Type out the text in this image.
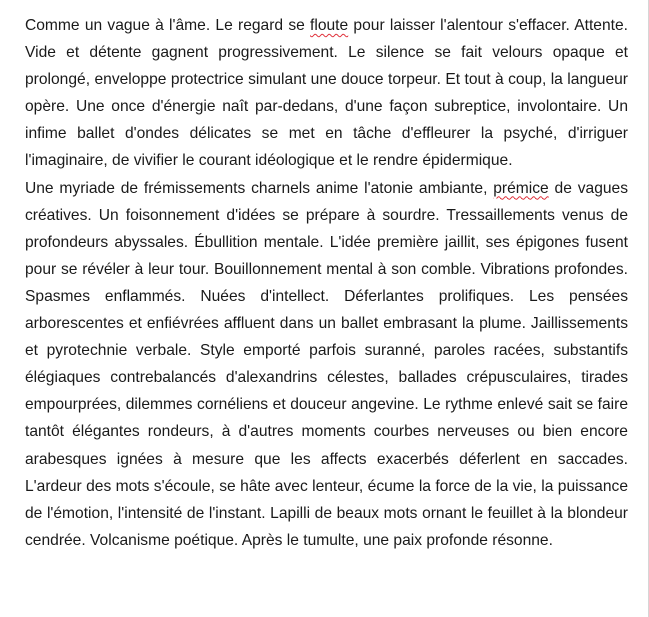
Comme un vague à l'âme. Le regard se floute pour laisser l'alentour s'effacer. Attente. Vide et détente gagnent progressivement. Le silence se fait velours opaque et prolongé, enveloppe protectrice simulant une douce torpeur. Et tout à coup, la langueur opère. Une once d'énergie naît par-dedans, d'une façon subreptice, involontaire. Un infime ballet d'ondes délicates se met en tâche d'effleurer la psyché, d'irriguer l'imaginaire, de vivifier le courant idéologique et le rendre épidermique.

Une myriade de frémissements charnels anime l'atonie ambiante, prémice de vagues créatives. Un foisonnement d'idées se prépare à sourdre. Tressaillements venus de profondeurs abyssales. Ébullition mentale. L'idée première jaillit, ses épigones fusent pour se révéler à leur tour. Bouillonnement mental à son comble. Vibrations profondes. Spasmes enflammés. Nuées d'intellect. Déferlantes prolifiques. Les pensées arborescentes et enfiévrées affluent dans un ballet embrasant la plume. Jaillissements et pyrotechnie verbale. Style emporté parfois suranné, paroles racées, substantifs élégiaques contrebalancés d'alexandrins célestes, ballades crépusculaires, tirades empourprées, dilemmes cornéliens et douceur angevine. Le rythme enlevé sait se faire tantôt élégantes rondeurs, à d'autres moments courbes nerveuses ou bien encore arabesques ignées à mesure que les affects exacerbés déferlent en saccades. L'ardeur des mots s'écoule, se hâte avec lenteur, écume la force de la vie, la puissance de l'émotion, l'intensité de l'instant. Lapilli de beaux mots ornant le feuillet à la blondeur cendrée. Volcanisme poétique. Après le tumulte, une paix profonde résonne.
